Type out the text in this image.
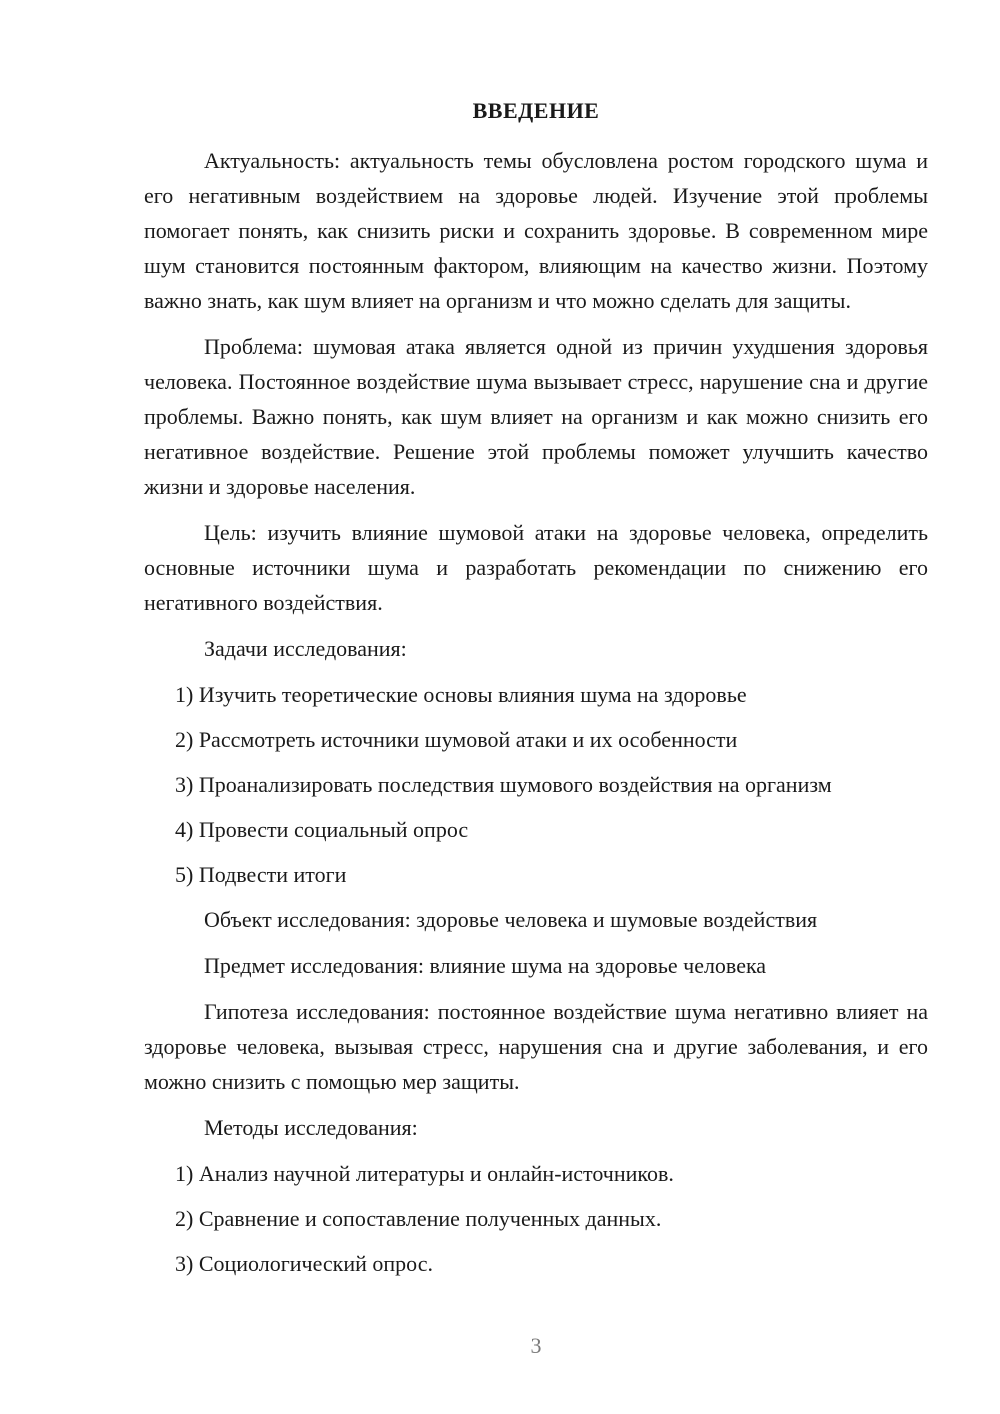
ВВЕДЕНИЕ

Актуальность: актуальность темы обусловлена ростом городского шума и его негативным воздействием на здоровье людей. Изучение этой проблемы помогает понять, как снизить риски и сохранить здоровье. В современном мире шум становится постоянным фактором, влияющим на качество жизни. Поэтому важно знать, как шум влияет на организм и что можно сделать для защиты.

Проблема: шумовая атака является одной из причин ухудшения здоровья человека. Постоянное воздействие шума вызывает стресс, нарушение сна и другие проблемы. Важно понять, как шум влияет на организм и как можно снизить его негативное воздействие. Решение этой проблемы поможет улучшить качество жизни и здоровье населения.

Цель: изучить влияние шумовой атаки на здоровье человека, определить основные источники шума и разработать рекомендации по снижению его негативного воздействия.

Задачи исследования:
1) Изучить теоретические основы влияния шума на здоровье
2) Рассмотреть источники шумовой атаки и их особенности
3) Проанализировать последствия шумового воздействия на организм
4) Провести социальный опрос
5) Подвести итоги
Объект исследования: здоровье человека и шумовые воздействия
Предмет исследования: влияние шума на здоровье человека

Гипотеза исследования: постоянное воздействие шума негативно влияет на здоровье человека, вызывая стресс, нарушения сна и другие заболевания, и его можно снизить с помощью мер защиты.

Методы исследования:
1) Анализ научной литературы и онлайн-источников.
2) Сравнение и сопоставление полученных данных.
3) Социологический опрос.
3
